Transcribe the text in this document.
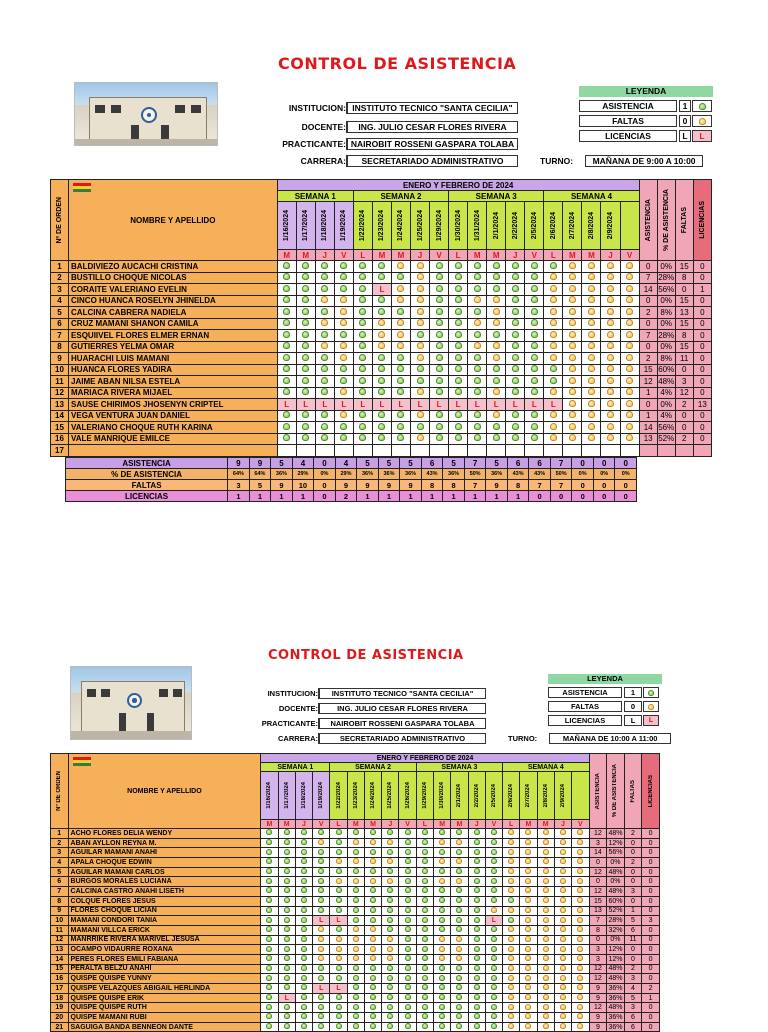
CONTROL DE ASISTENCIA
INSTITUCION: INSTITUTO TECNICO "SANTA CECILIA"
DOCENTE:	ING. JULIO CESAR FLORES RIVERA
PRACTICANTE: NAIROBIT ROSSENI GASPARA TOLABA
CARRERA:	SECRETARIADO ADMINISTRATIVO	TURNO:	MAÑANA DE 9:00 A 10:00
LEYENDA
ASISTENCIA	1
FALTAS	0
LICENCIAS	L	L
Nº DE ORDEN	NOMBRE Y APELLIDO	ENERO Y FEBRERO DE 2024																			ASISTENCIA	% DE ASISTENCIA	FALTAS	LICENCIAS

		SEMANA 1				SEMANA 2					SEMANA 3					SEMANA 4								

		1/16/2024	1/17/2024	1/18/2024	1/19/2024	1/22/2024	1/23/2024	1/24/2024	1/25/2024	1/29/2024	1/30/2024	1/31/2024	2/1/2024	2/2/2024	2/5/2024	2/6/2024	2/7/2024	2/8/2024	2/9/2024					

		M	M	J	V	L	M	M	J	V	L	M	M	J	V	L	M	M	J	V				
1	BALDIVIEZO AUCACHI CRISTINA																				0	0%	15	0
2	BUSTILLO CHOQUE NICOLAS																				7	28%	8	0
3	CORAITE VALERIANO EVELIN						L														14	56%	0	1
4	CINCO HUANCA ROSELYN JHINELDA																				0	0%	15	0
5	CALCINA CABRERA NADIELA																				2	8%	13	0
6	CRUZ MAMANI SHANON CAMILA																				0	0%	15	0
7	ESQUIIVEL FLORES ELMER ERNAN																				7	28%	8	0
8	GUTIERRES YELMA OMAR																				0	0%	15	0
9	HUARACHI LUIS MAMANI																				2	8%	11	0
10	HUANCA FLORES YADIRA																				15	60%	0	0
11	JAIME ABAN NILSA ESTELA																				12	48%	3	0
12	MARIACA RIVERA MIJAEL																				1	4%	12	0
13	SAUSE CHIRIMOS JHOSENYN CRIPTEL	L	L	L	L	L	L	L	L	L	L	L	L	L	L	L					0	0%	2	13
14	VEGA VENTURA JUAN DANIEL																				1	4%	0	0
15	VALERIANO CHOQUE RUTH KARINA																				14	56%	0	0
16	VALE MANRIQUE EMILCE																				13	52%	2	0
17																								
ASISTENCIA	9	9	5	4	0	4	5	5	5	6	5	7	5	6	6	7	0	0	0
% DE ASISTENCIA	64%	64%	36%	29%	0%	29%	36%	36%	36%	43%	36%	50%	36%	43%	43%	50%	0%	0%	0%
FALTAS	3	5	9	10	0	9	9	9	9	8	8	7	9	8	7	7	0	0	0
LICENCIAS	1	1	1	1	0	2	1	1	1	1	1	1	1	1	0	0	0	0	0
CONTROL DE ASISTENCIA
INSTITUCION:	INSTITUTO TECNICO "SANTA CECILIA"
DOCENTE:	ING. JULIO CESAR FLORES RIVERA
PRACTICANTE:	NAIROBIT ROSSENI GASPARA TOLABA
CARRERA:	SECRETARIADO ADMINISTRATIVO	TURNO:	MAÑANA DE 10:00 A 11:00
LEYENDA
ASISTENCIA	1
FALTAS	0
LICENCIAS	L	L
Nº DE ORDEN	NOMBRE Y APELLIDO	ENERO Y FEBRERO DE 2024																			ASISTENCIA	% DE ASISTENCIA	FALTAS	LICENCIAS

		SEMANA 1				SEMANA 2					SEMANA 3					SEMANA 4								

		1/16/2024	1/17/2024	1/18/2024	1/19/2024	1/22/2024	1/23/2024	1/24/2024	1/25/2024	1/26/2024	1/29/2024	1/30/2024	2/1/2024	2/2/2024	2/5/2024	2/6/2024	2/7/2024	2/8/2024	2/9/2024					

		M	M	J	V	L	M	M	J	V	L	M	M	J	V	L	M	M	J	V				
1	ACHO FLORES DELIA WENDY																				12	48%	2	0
2	ABAN AYLLON REYNA M.																				3	12%	0	0
3	AGUILAR MAMANI ANAHI																				14	56%	0	0
4	APALA CHOQUE EDWIN																				0	0%	2	0
5	AGUILAR MAMANI CARLOS																				12	48%	0	0
6	BURGOS MORALES LUCIANA																				0	0%	0	0
7	CALCINA CASTRO ANAHI LISETH																				12	48%	3	0
8	COLQUE FLORES JESUS																				15	60%	0	0
9	FLORES CHOQUE LICIAN																				13	52%	1	0
10	MAMANI CONDORI TANIA				L	L									L						7	28%	5	3
11	MAMANI VILLCA ERICK																				8	32%	6	0
12	MANRRIKE RIVERA MARIVEL JESUSA																				0	0%	11	0
13	OCAMPO VIDAURRE ROXANA																				3	12%	0	0
14	PERES FLORES EMILI FABIANA																				3	12%	0	0
15	PERALTA BELZU ANAHI																				12	48%	2	0
16	QUISPE QUISPE YUNNY																				12	48%	3	0
17	QUISPE VELAZQUES ABIGAIL HERLINDA				L	L															9	36%	4	2
18	QUISPE QUISPE ERIK		L																		9	36%	5	1
19	QUISPE QUISPE RUTH																				12	48%	3	0
20	QUISPE MAMANI RUBI																				9	36%	6	0
21	SAGUIGA BANDA BENNEON DANTE																				9	36%	6	0
